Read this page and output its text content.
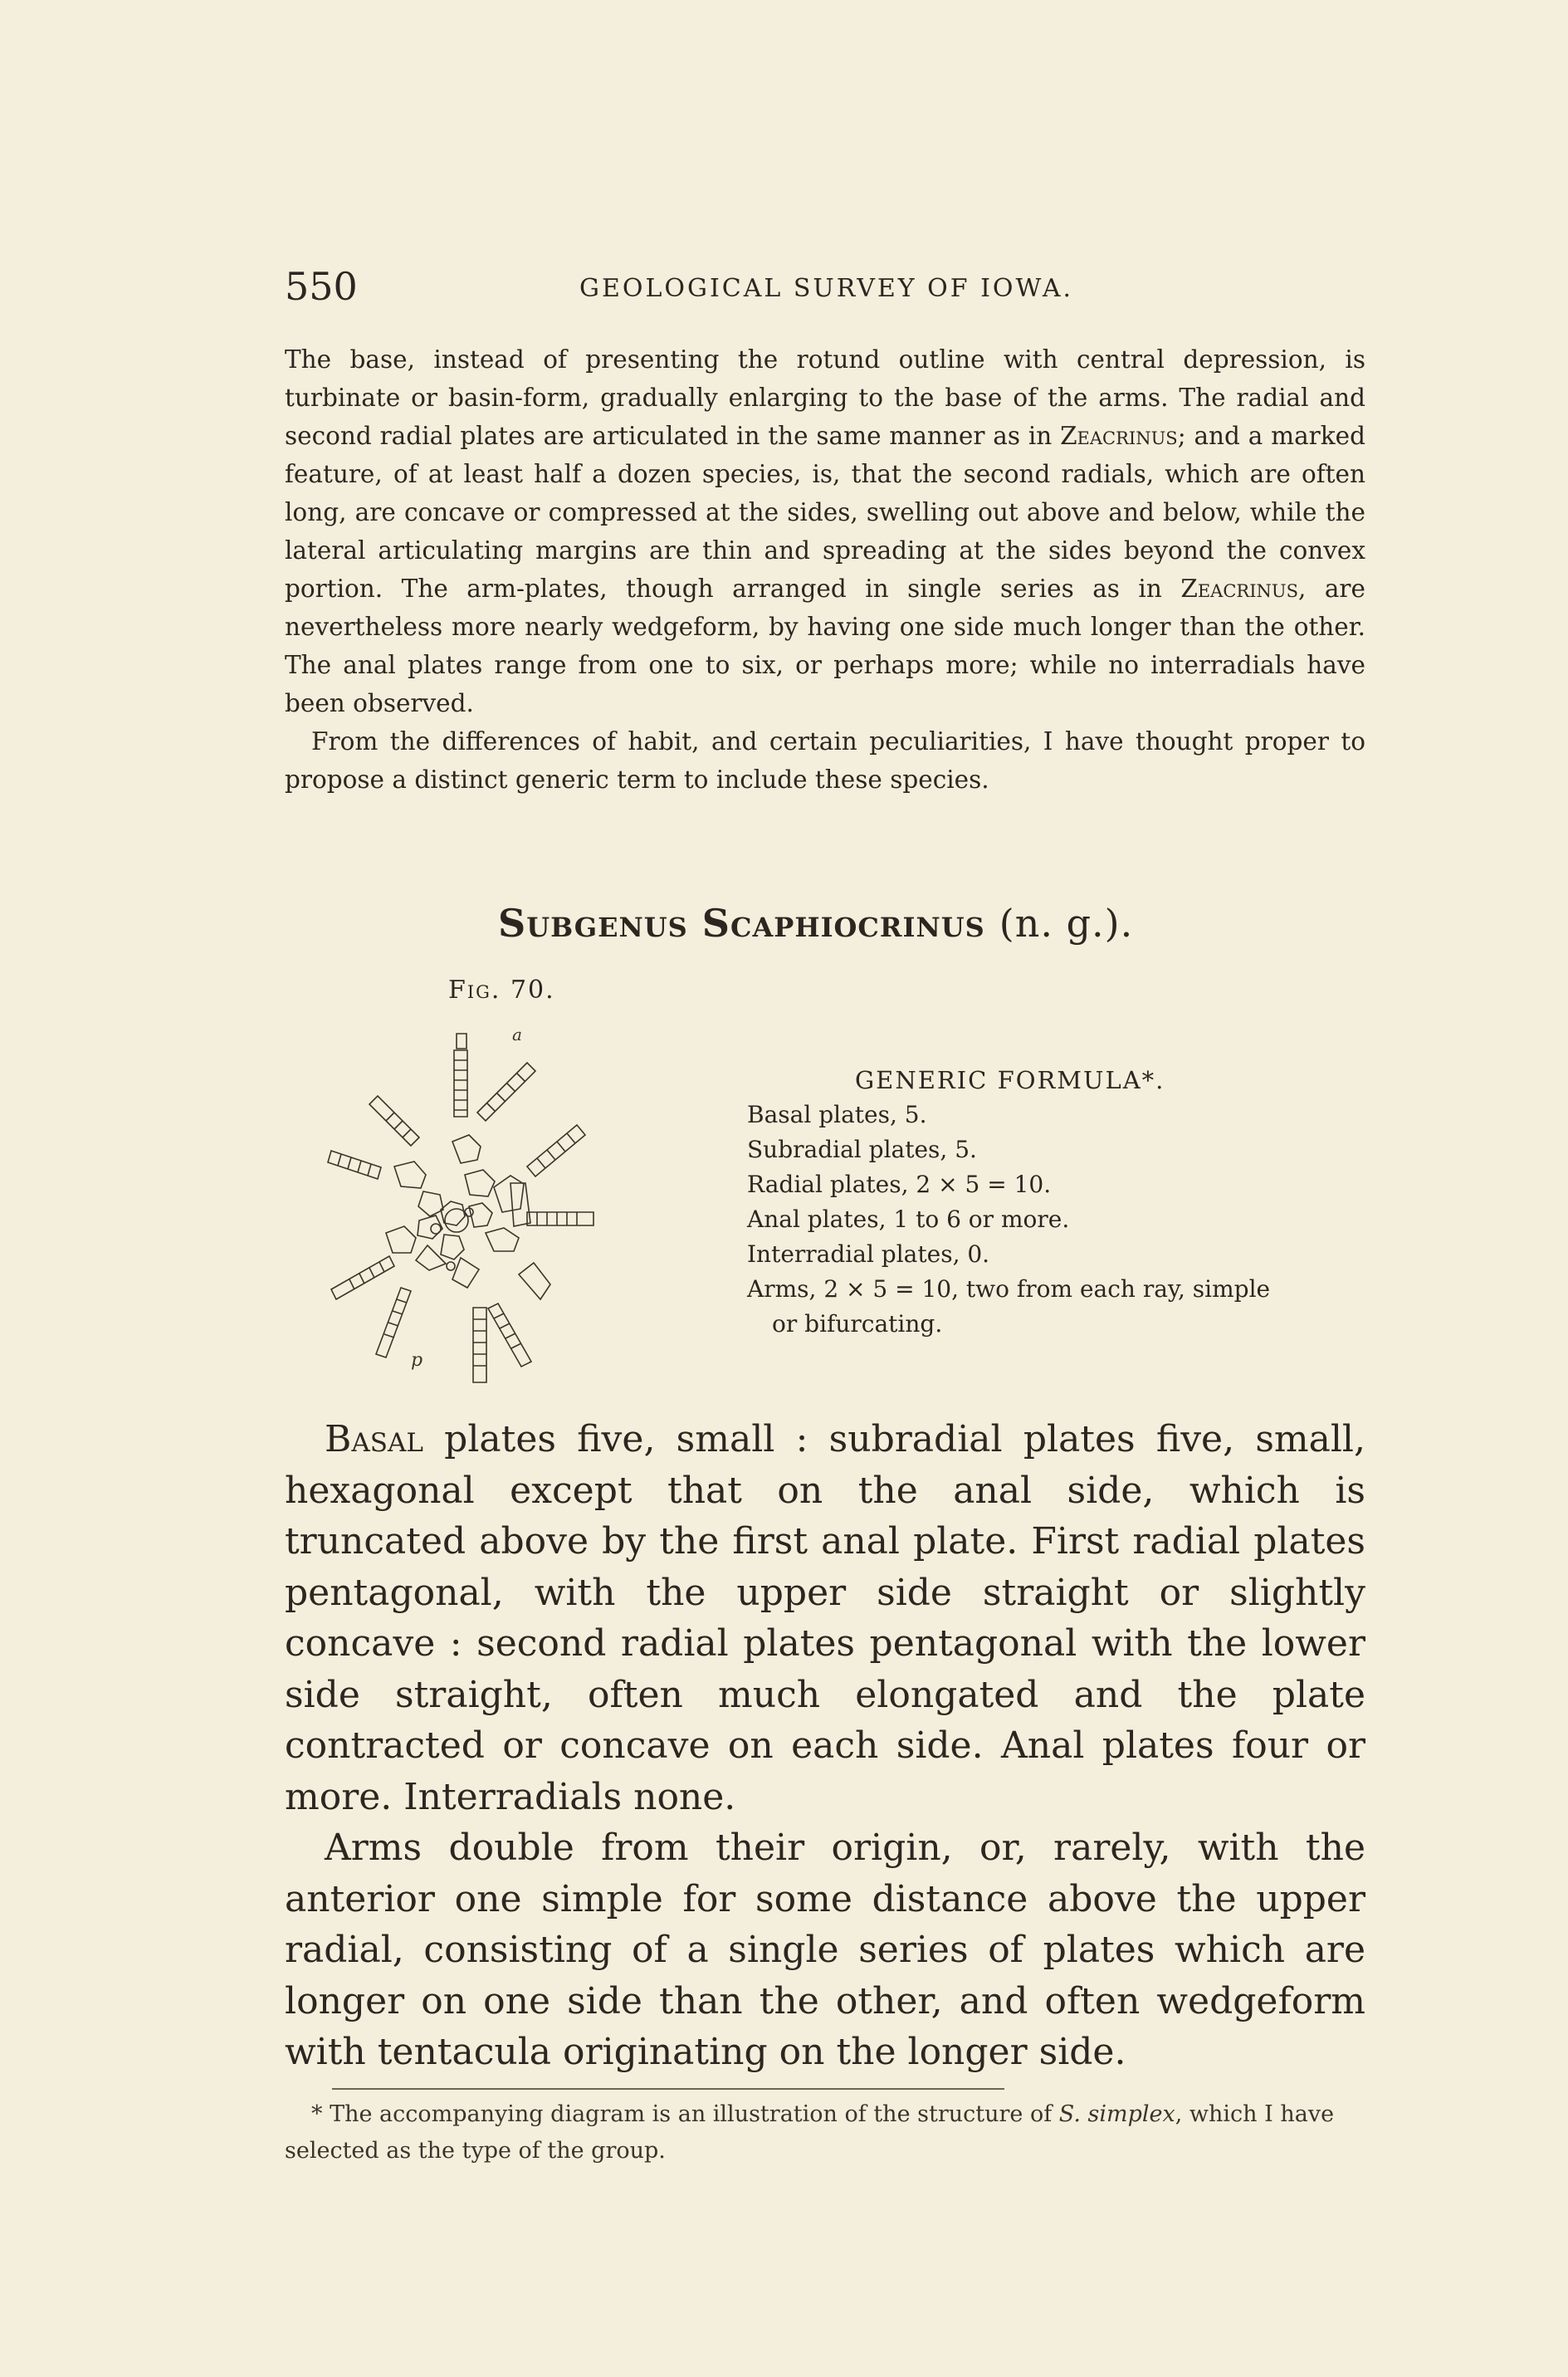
550	GEOLOGICAL SURVEY OF IOWA.

The base, instead of presenting the rotund outline with central depression, is turbinate or basin-form, gradually enlarging to the base of the arms. The radial and second radial plates are articulated in the same manner as in Zeacrinus; and a marked feature, of at least half a dozen species, is, that the second radials, which are often long, are concave or compressed at the sides, swelling out above and below, while the lateral articulating margins are thin and spreading at the sides beyond the convex portion. The arm-plates, though arranged in single series as in Zeacrinus, are nevertheless more nearly wedgeform, by having one side much longer than the other. The anal plates range from one to six, or perhaps more; while no interradials have been observed.

From the differences of habit, and certain peculiarities, I have thought proper to propose a distinct generic term to include these species.

Subgenus Scaphiocrinus (n. g.).
Fig. 70.
a
p
GENERIC FORMULA*.

Basal plates, 5.

Subradial plates, 5.

Radial plates, 2 × 5 = 10.

Anal plates, 1 to 6 or more.

Interradial plates, 0.

Arms, 2 × 5 = 10, two from each ray, simple

or bifurcating.

Basal plates five, small : subradial plates five, small, hexagonal except that on the anal side, which is truncated above by the first anal plate. First radial plates pentagonal, with the upper side straight or slightly concave : second radial plates pentagonal with the lower side straight, often much elongated and the plate contracted or concave on each side. Anal plates four or more. Interradials none.

Arms double from their origin, or, rarely, with the anterior one simple for some distance above the upper radial, consisting of a single series of plates which are longer on one side than the other, and often wedgeform with tentacula originating on the longer side.

* The accompanying diagram is an illustration of the structure of S. simplex, which I have selected as the type of the group.
